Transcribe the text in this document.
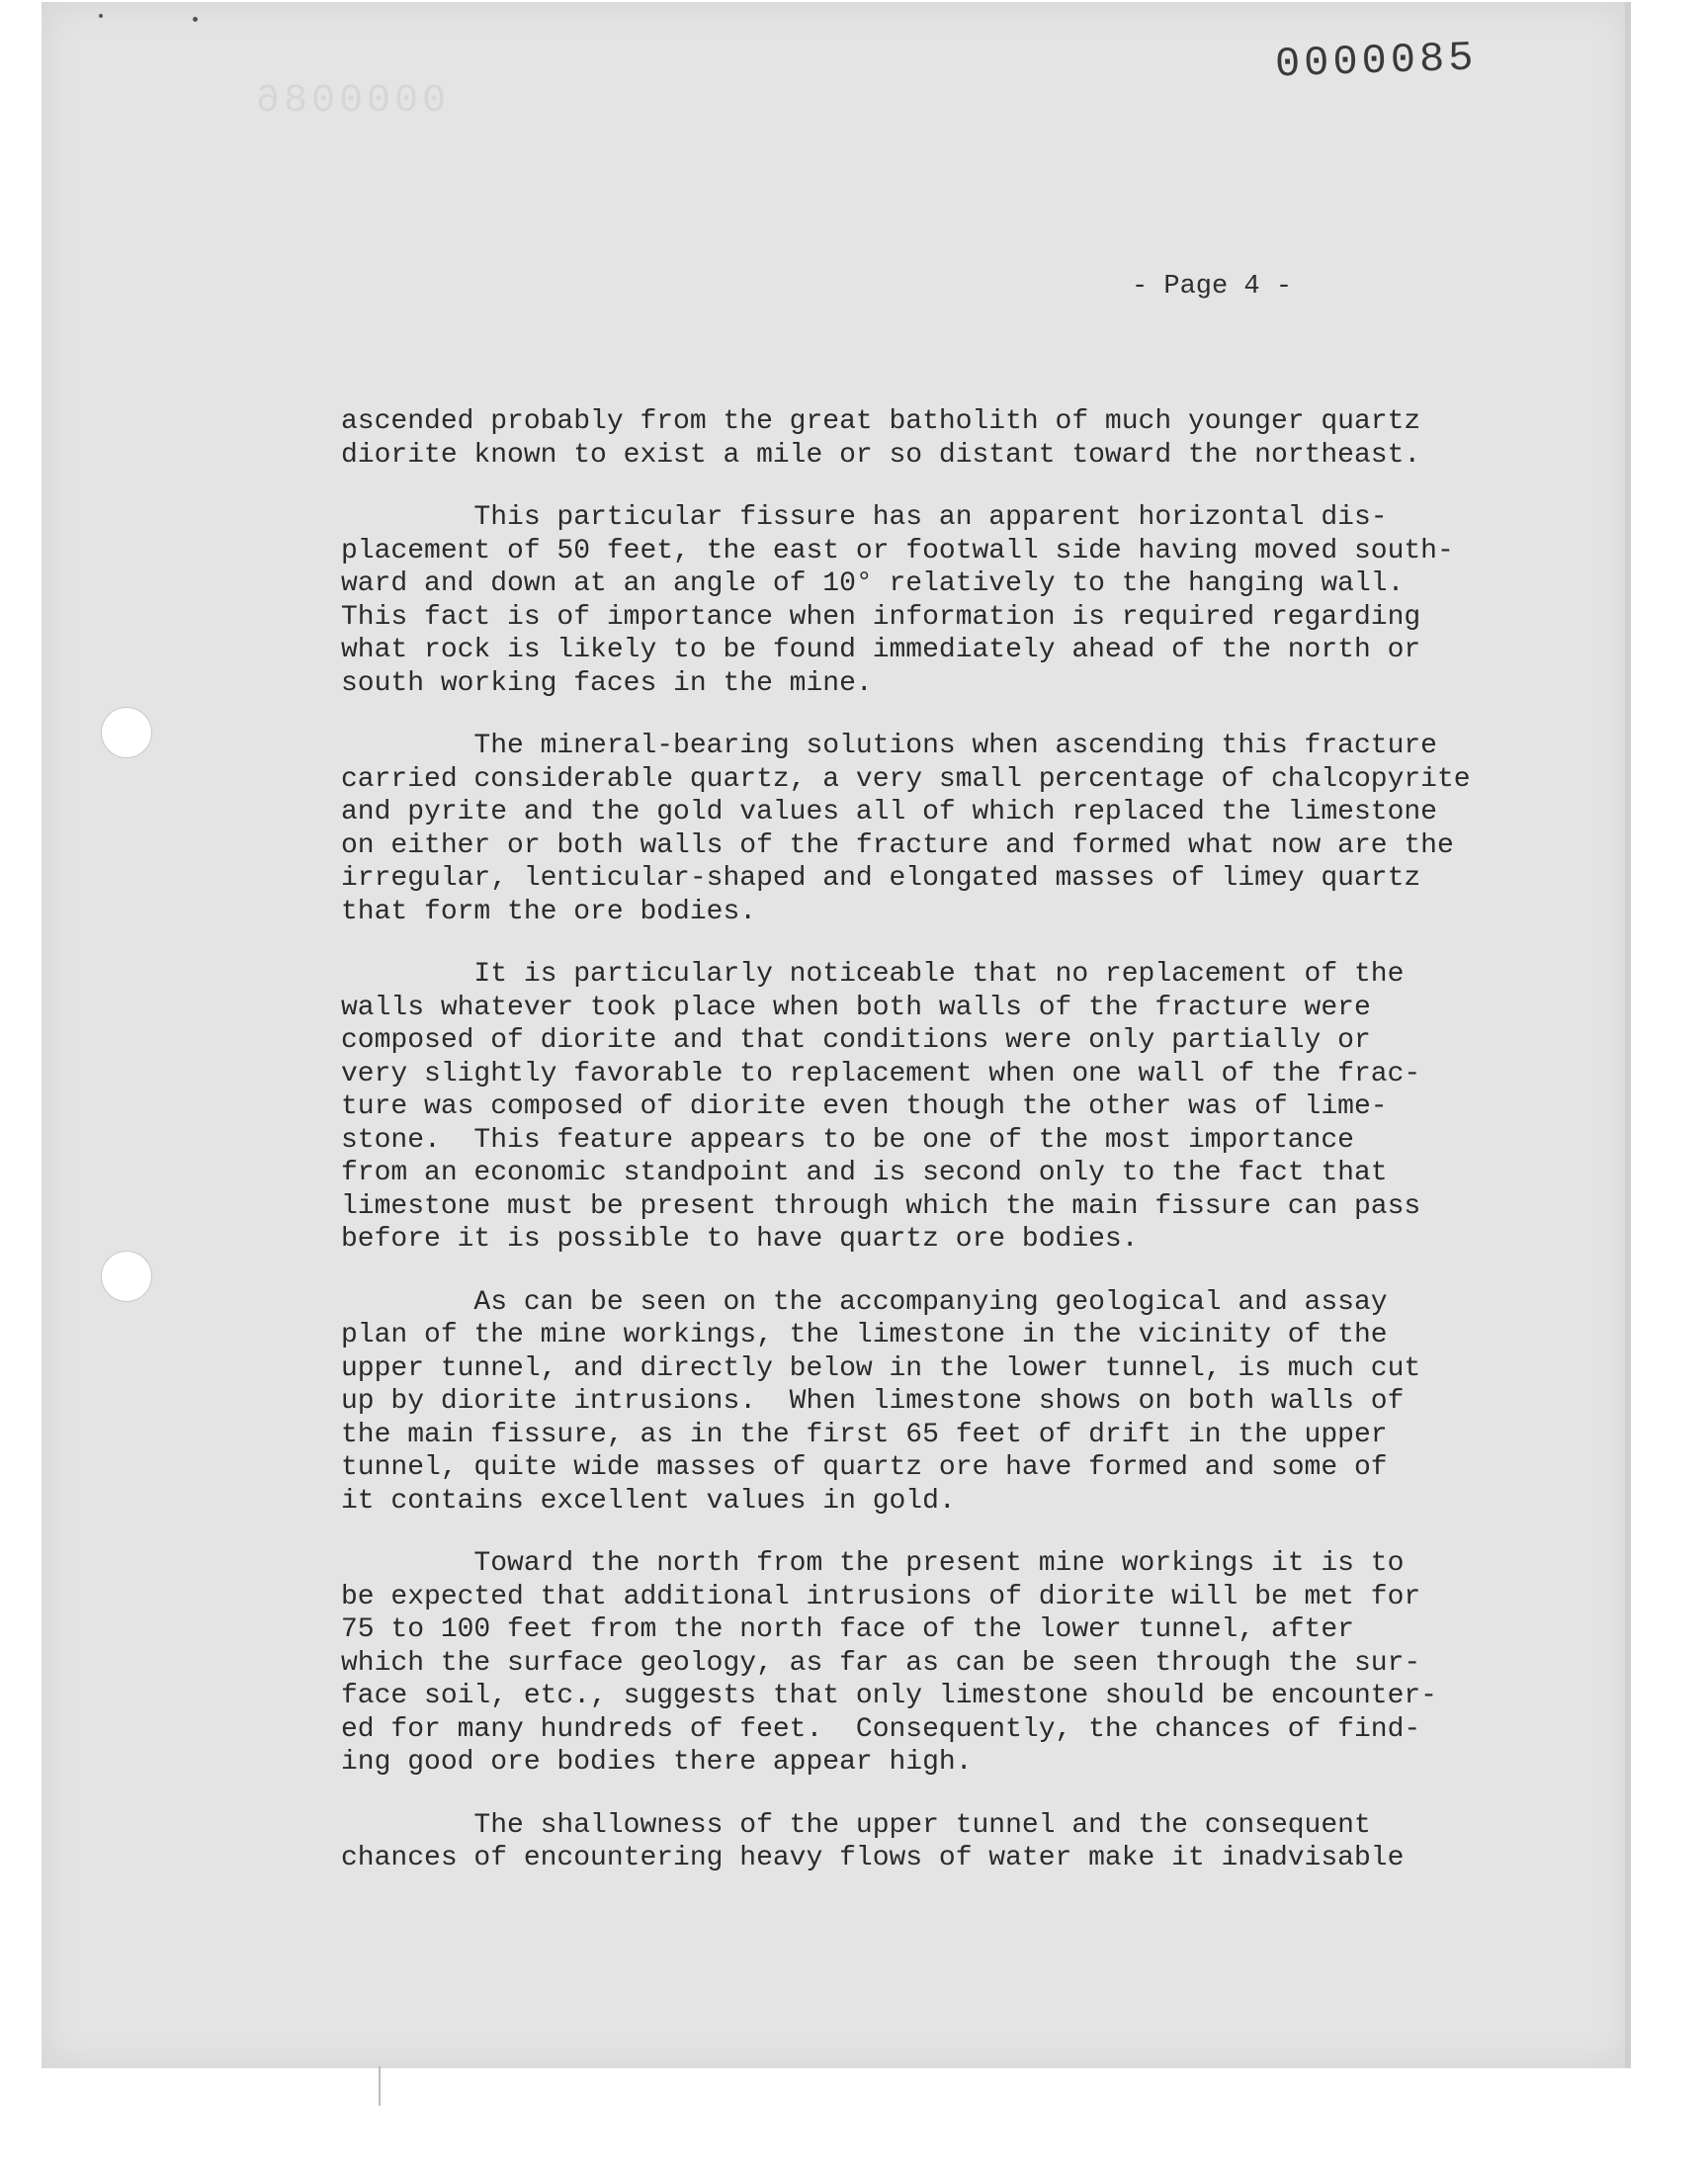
0000086
0000085
- Page 4 -
ascended probably from the great batholith of much younger quartz
diorite known to exist a mile or so distant toward the northeast.
This particular fissure has an apparent horizontal dis-
placement of 50 feet, the east or footwall side having moved south-
ward and down at an angle of 10° relatively to the hanging wall.
This fact is of importance when information is required regarding
what rock is likely to be found immediately ahead of the north or
south working faces in the mine.
The mineral-bearing solutions when ascending this fracture
carried considerable quartz, a very small percentage of chalcopyrite
and pyrite and the gold values all of which replaced the limestone
on either or both walls of the fracture and formed what now are the
irregular, lenticular-shaped and elongated masses of limey quartz
that form the ore bodies.
It is particularly noticeable that no replacement of the
walls whatever took place when both walls of the fracture were
composed of diorite and that conditions were only partially or
very slightly favorable to replacement when one wall of the frac-
ture was composed of diorite even though the other was of lime-
stone.  This feature appears to be one of the most importance
from an economic standpoint and is second only to the fact that
limestone must be present through which the main fissure can pass
before it is possible to have quartz ore bodies.
As can be seen on the accompanying geological and assay
plan of the mine workings, the limestone in the vicinity of the
upper tunnel, and directly below in the lower tunnel, is much cut
up by diorite intrusions.  When limestone shows on both walls of
the main fissure, as in the first 65 feet of drift in the upper
tunnel, quite wide masses of quartz ore have formed and some of
it contains excellent values in gold.
Toward the north from the present mine workings it is to
be expected that additional intrusions of diorite will be met for
75 to 100 feet from the north face of the lower tunnel, after
which the surface geology, as far as can be seen through the sur-
face soil, etc., suggests that only limestone should be encounter-
ed for many hundreds of feet.  Consequently, the chances of find-
ing good ore bodies there appear high.
The shallowness of the upper tunnel and the consequent
chances of encountering heavy flows of water make it inadvisable
